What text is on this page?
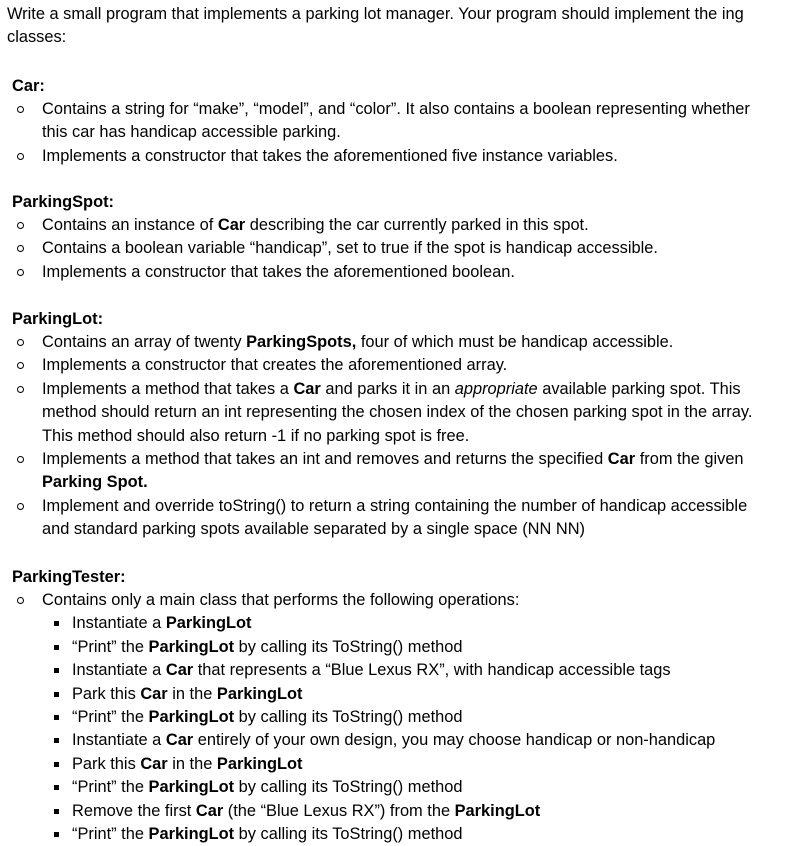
Write a small program that implements a parking lot manager. Your program should implement the ing classes:

Car:

Contains a string for “make”, “model”, and “color”. It also contains a boolean representing whether this car has handicap accessible parking.
Implements a constructor that takes the aforementioned five instance variables.

ParkingSpot:

Contains an instance of Car describing the car currently parked in this spot.
Contains a boolean variable “handicap”, set to true if the spot is handicap accessible.
Implements a constructor that takes the aforementioned boolean.

ParkingLot:

Contains an array of twenty ParkingSpots, four of which must be handicap accessible.
Implements a constructor that creates the aforementioned array.
Implements a method that takes a Car and parks it in an appropriate available parking spot. This method should return an int representing the chosen index of the chosen parking spot in the array. This method should also return -1 if no parking spot is free.
Implements a method that takes an int and removes and returns the specified Car from the given Parking Spot.
Implement and override toString() to return a string containing the number of handicap accessible and standard parking spots available separated by a single space (NN NN)

ParkingTester:

Contains only a main class that performs the following operations:
Instantiate a ParkingLot
“Print” the ParkingLot by calling its ToString() method
Instantiate a Car that represents a “Blue Lexus RX”, with handicap accessible tags
Park this Car in the ParkingLot
“Print” the ParkingLot by calling its ToString() method
Instantiate a Car entirely of your own design, you may choose handicap or non-handicap
Park this Car in the ParkingLot
“Print” the ParkingLot by calling its ToString() method
Remove the first Car (the “Blue Lexus RX”) from the ParkingLot
“Print” the ParkingLot by calling its ToString() method
